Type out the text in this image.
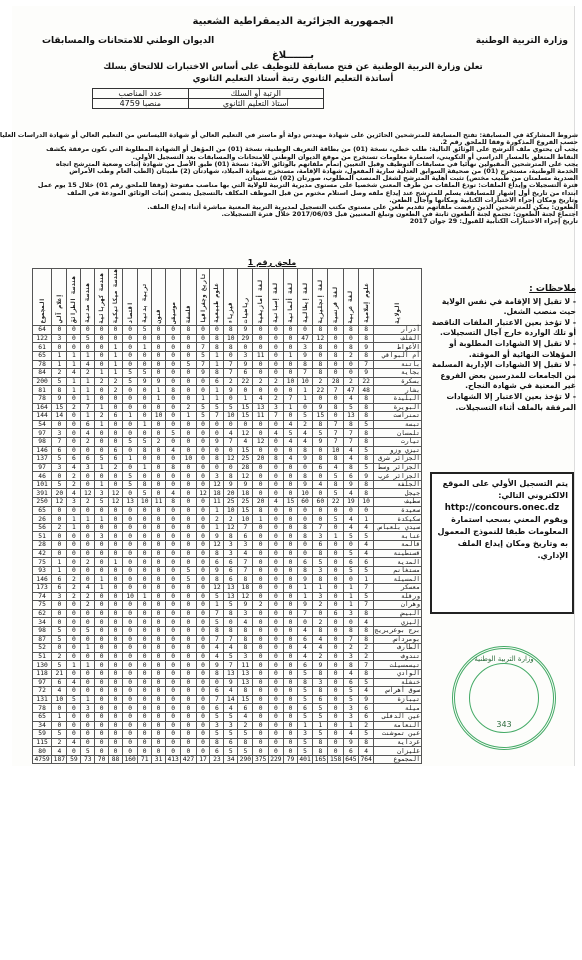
الجمهورية الجزائرية الديمقراطية الشعبية
وزارة التربية الوطنية
الديوان الوطني للامتحانات والمسابقات
بـــــــلاغ
تعلن وزارة التربية الوطنية عن فتح مسابقة للتوظيف على أساس الاختبارات للالتحاق بسلك
أساتذة التعليم الثانوي رتبة أستاذ التعليم الثانوي
عدد المناصب	الرتبة أو السلك
4759 منصبا	أستاذ التعليم الثانوي
شروط المشاركة في المسابقة: تفتح المسابقة للمترشحين الحائزين على شهادة مهندس دولة أو ماستر في التعليم العالي أو شهادة الليسانس من التعليم العالي أو شهادة الدراسات العليا
حسب الفروع المذكورة وفقا للملحق رقم 2.
يجب أن يحتوي ملف الترشح على الوثائق التالية: طلب خطي، نسخة (01) من بطاقة التعريف الوطنية، نسخة (01) من المؤهل أو الشهادة المطلوبة التي تكون مرفقة بكشف
النقاط المتعلق بالمسار الدراسي أو التكويني، استمارة معلومات تستخرج من موقع الديوان الوطني للامتحانات والمسابقات بعد التسجيل الأولي.
يجب على المترشحين المقبولين نهائيا في مسابقات التوظيف وقبل التعيين إتمام ملفاتهم بالوثائق الآتية: نسخة (01) طبق الأصل من شهادة إثبات وضعية المترشح اتجاه
الخدمة الوطنية، مستخرج (01) من صحيفة السوابق العدلية سارية المفعول، شهادة الإقامة، مستخرج شهادة الميلاد، شهادتان (2) طبيتان (الطب العام وطب الأمراض
الصدرية مسلمتان من طبيب مختص) تثبت أهلية المترشح لشغل المنصب المطلوب، صورتان (02) شمسيتان.
فترة التسجيلات وإيداع الملفات: تودع الملفات من طرف المعني شخصيا على مستوى مديرية التربية للولاية التي بها مناصب مفتوحة (وفقا للملحق رقم 01) خلال 15 يوم عمل
ابتداء من تاريخ أول إشهار للمسابقة، يسلم للمترشح عند إيداع ملفه وصل استلام مختوم من قبل الموظف المكلف بالتسجيل يتضمن إثبات الوثائق المودعة في الملف
وتاريخ ومكان إجراء الاختبارات الكتابية ومكانها وآجال الطعن.
الطعون: يمكن للمترشحين الذين رفضت ملفاتهم تقديم طعن على مستوى مكتب التسجيل لمديرية التربية المعنية مباشرة أثناء إيداع الملف.
اجتماع لجنة الطعون: تجتمع لجنة الطعون ثابتة في الطعون وتبلغ المعنيين قبل 2017/06/03 خلال فترة التسجيلات.
تاريخ إجراء الاختبارات الكتابية للقبول: 29 جوان 2017
ملحق رقم 1
المجموع	إعلام آلي	هندسة الطرائق	هندسة مدنية	هندسة كهربائية	هندسة ميكانيكية	اقتصاد	تربية بدنية	فنون	موسيقى	فلسفة	تاريخ وجغرافيا	علوم طبيعية	فيزياء	رياضيات	لغة أمازيغية	لغة إسبانية	لغة ألمانية	لغة إيطالية	لغة إنجليزية	لغة فرنسية	لغة عربية	علوم إسلامية	الولاية
64	0	0	0	0	0	0	5	0	0	8	0	0	8	9	0	0	0	0	8	0	8	8	أدرار
122	3	0	5	0	0	0	0	0	0	0	0	8	10	29	0	0	0	47	12	0	0	8	الشلف
61	0	0	0	0	1	0	1	0	0	0	7	8	8	0	0	0	0	3	8	0	8	9	الأغواط
65	1	1	1	0	1	0	0	0	0	0	5	1	0	3	11	0	1	9	0	8	2	8	أم البواقي
78	1	1	4	0	1	0	0	0	0	5	7	1	7	9	0	0	0	8	8	0	0	7	باتنة
84	2	4	2	1	1	5	5	0	0	0	9	8	7	6	0	0	0	7	8	0	0	9	بجاية
200	5	1	1	2	2	5	9	9	0	0	0	6	2	22	2	2	10	10	2	28	2	22	بسكرة
81	8	1	1	0	2	0	0	1	8	0	0	1	9	0	0	0	0	1	22	7	47	48	بشار
78	9	0	1	0	0	0	0	1	0	0	1	1	0	1	4	2	7	1	0	0	4	8	البليدة
164	15	2	7	1	0	0	0	0	0	2	5	5	5	15	13	3	1	0	9	8	5	8	البويرة
144	14	0	1	2	6	1	0	10	0	1	5	7	10	15	11	7	0	5	15	0	13	8	تمنراست
54	0	0	6	1	0	0	1	0	0	0	0	0	0	0	0	0	4	2	8	7	8	5	تبسة
97	3	0	4	0	0	0	0	0	5	0	0	0	4	12	0	4	5	4	5	7	7	8	تلمسان
98	7	0	2	0	0	5	5	2	0	0	0	9	7	4	12	0	4	4	9	7	7	8	تيارت
146	6	0	0	0	6	0	8	0	4	0	0	0	0	15	0	0	0	8	0	10	4	5	تيزي وزو
137	5	6	6	5	6	1	0	0	0	10	0	8	12	25	20	8	4	9	8	8	4	8	الجزائر شرق
97	3	4	3	1	2	0	1	0	8	0	0	0	0	28	0	0	0	0	6	4	8	5	الجزائر وسط
46	0	2	0	0	0	5	0	0	0	0	0	3	8	12	0	0	0	8	0	5	6	9	الجزائر غرب
101	5	2	0	1	0	5	8	0	0	0	0	12	9	9	0	0	0	9	4	8	9	8	الجلفة
391	20	4	12	3	12	0	5	0	4	0	12	18	20	18	0	0	0	10	0	5	4	8	جيجل
250	12	3	2	5	12	13	10	11	8	0	0	11	25	25	20	4	15	60	60	22	19	10	سطيف
65	0	0	0	0	0	0	0	0	0	0	0	1	10	15	8	0	0	0	0	0	0	0	سعيدة
26	0	1	1	1	0	0	0	0	0	0	0	2	2	10	1	0	0	0	0	5	4	1	سكيكدة
56	2	1	0	0	0	0	0	0	0	0	0	1	12	7	0	0	0	8	7	0	4	4	سيدي بلعباس
51	0	0	0	3	0	0	0	0	0	0	0	9	8	6	0	0	0	8	3	1	5	5	عنابة
28	0	0	0	0	0	0	0	0	0	0	0	12	3	3	0	0	0	0	6	0	0	4	قالمة
42	0	0	0	0	0	0	0	0	0	0	0	8	3	4	0	0	0	0	8	0	5	4	قسنطينة
75	1	0	2	0	1	0	0	0	0	0	0	6	6	7	0	0	0	6	5	0	6	6	المدية
93	1	0	0	0	0	0	0	0	0	5	0	9	6	7	0	0	0	8	3	0	5	5	مستغانم
146	6	2	0	1	0	0	0	0	0	5	0	8	6	8	0	0	0	9	8	0	0	1	المسيلة
173	6	2	4	1	0	0	0	0	0	0	0	12	13	18	0	0	0	1	1	0	1	7	معسكر
74	3	2	2	0	0	10	1	0	0	0	0	5	13	12	0	0	0	1	3	0	1	5	ورقلة
75	0	0	2	0	0	0	0	0	0	0	0	1	5	9	2	0	0	9	2	0	1	7	وهران
62	0	0	0	0	0	0	0	0	0	0	0	7	8	3	0	0	0	7	0	6	3	8	البيض
34	0	0	0	0	0	0	0	0	0	0	0	5	0	4	0	0	0	0	2	0	0	4	إليزي
98	5	0	5	0	0	0	0	0	0	0	0	8	8	8	0	0	0	4	8	0	8	8	برج بوعريريج
87	5	0	0	0	0	0	0	0	0	0	0	7	7	8	0	0	0	6	4	0	7	8	بومرداس
52	0	0	1	0	0	0	0	0	0	0	0	4	4	8	0	0	0	4	4	0	2	2	الطارف
51	2	0	0	0	0	0	0	0	0	0	0	4	5	3	0	0	0	4	2	0	3	2	تندوف
130	5	1	1	0	0	0	0	0	0	0	0	9	7	11	0	0	0	6	9	0	8	7	تيسمسيلت
118	21	0	0	0	0	0	0	0	0	0	0	8	13	13	0	0	0	5	8	0	4	8	الوادي
97	6	4	0	0	0	0	0	0	0	0	0	0	9	13	0	0	0	8	3	0	6	5	خنشلة
72	4	0	0	0	0	0	0	0	0	0	0	6	4	8	0	0	0	5	8	0	5	4	سوق أهراس
131	10	5	1	0	0	0	0	0	0	0	0	7	14	15	0	0	0	5	6	0	5	9	تيبازة
78	0	0	3	0	0	0	0	0	0	0	0	6	4	6	0	0	0	6	5	0	3	6	ميلة
65	1	0	0	0	0	0	0	0	0	0	0	5	5	4	0	0	0	5	5	0	3	6	عين الدفلى
34	0	0	0	0	0	0	0	0	0	0	0	3	3	2	0	0	0	1	1	0	1	2	النعامة
59	5	0	0	0	0	0	0	0	0	0	0	5	5	5	0	0	0	3	5	0	4	5	عين تموشنت
115	2	4	0	0	0	0	0	0	0	0	0	8	6	8	0	0	0	5	8	0	9	8	غرداية
80	4	0	5	0	0	0	0	0	0	0	0	6	5	5	0	0	0	5	8	0	6	4	غليزان
4759	187	59	73	70	88	160	71	31	413	427	17	23	34	290	375	229	79	401	165	158	645	764	المجموع
ملاحظات :
- لا تقبل إلا الإقامة في نفس الولاية حيث منصب الشغل.
- لا تؤخذ بعين الاعتبار الملفات الناقصة أو تلك الواردة خارج آجال التسجيلات.
- لا تقبل إلا الشهادات المطلوبة أو المؤهلات النهائية أو الموقتة.
- لا تقبل إلا الشهادات الإدارية المسلمة من الجامعات للمدرسين بعض الفروع غير المعنية في شهادة النجاح.
- لا تؤخذ بعين الاعتبار إلا الشهادات المرفقة بالملف أثناء التسجيلات.
يتم التسجيل الأولي على الموقع الالكتروني التالي:
http://concours.onec.dz
ويقوم المعني بسحب استمارة المعلومات طبقا للنموذج المعمول به وتاريخ ومكان إيداع الملف الإداري.
وزارة التربية الوطنية
343
